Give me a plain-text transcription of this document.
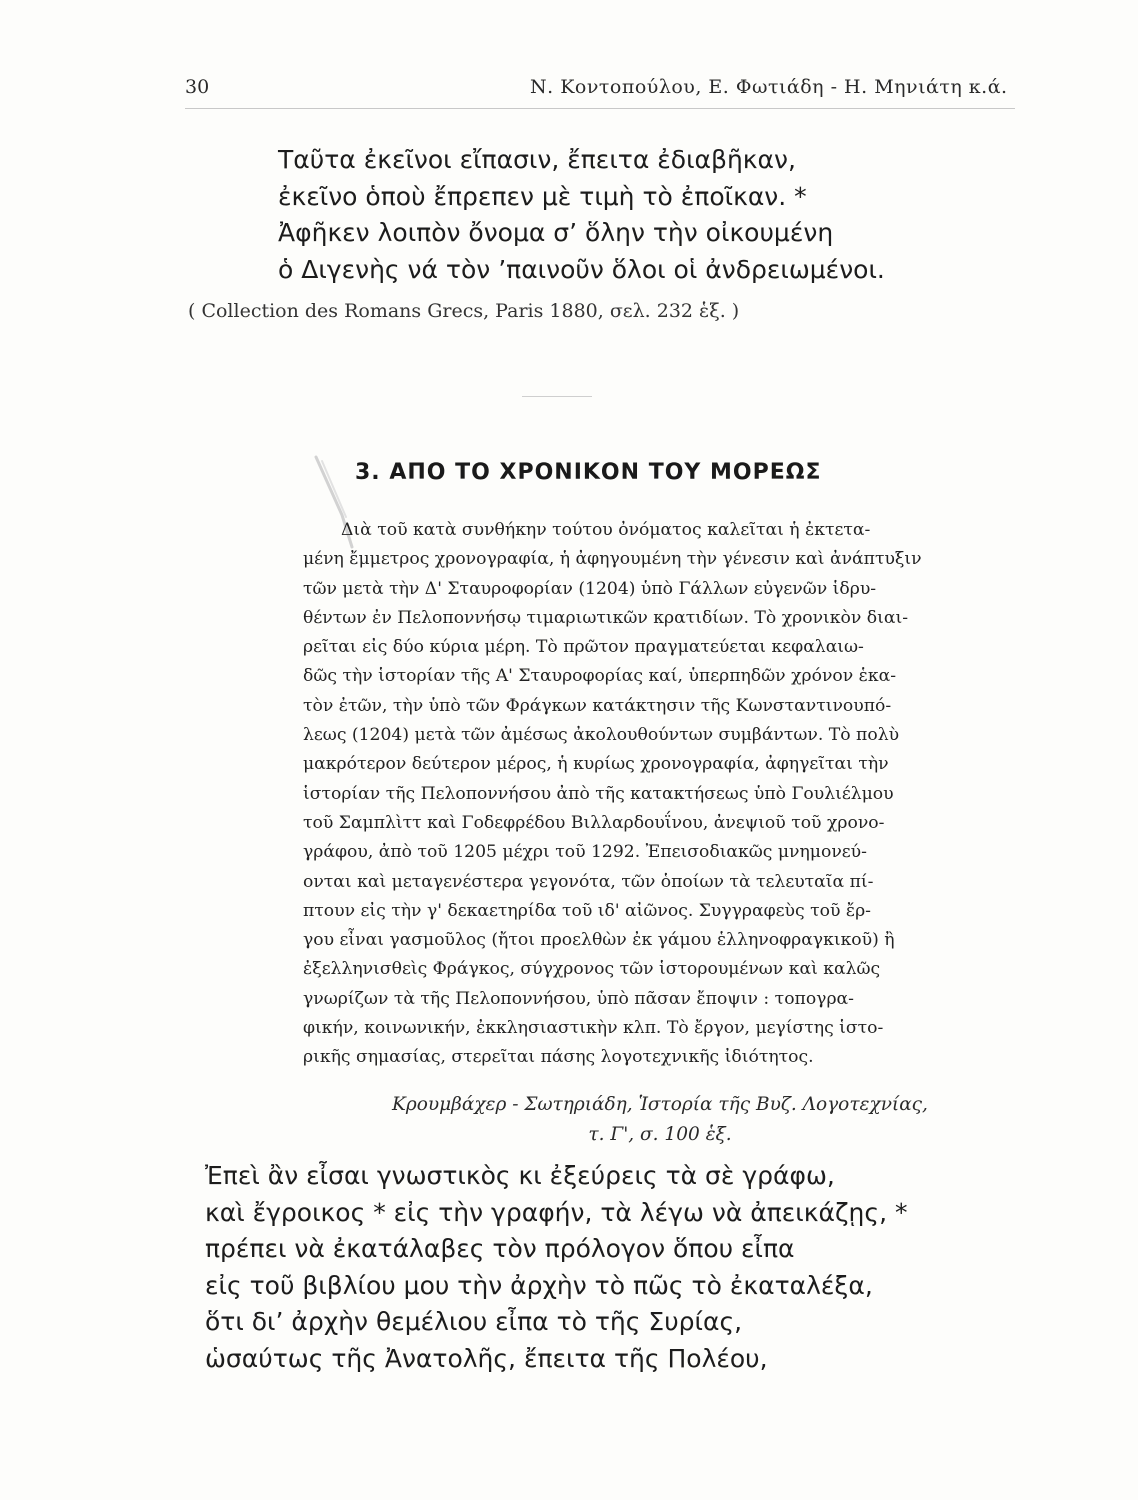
30	Ν. Κοντοπούλου, Ε. Φωτιάδη - Η. Μηνιάτη κ.ά.
Ταῦτα ἐκεῖνοι εἴπασιν, ἔπειτα ἐδιαβῆκαν,
ἐκεῖνο ὁποὺ ἔπρεπεν μὲ τιμὴ τὸ ἐποῖκαν. *
Ἀφῆκεν λοιπὸν ὄνομα σ’ ὅλην τὴν οἰκουμένη
ὁ Διγενὴς νά τὸν ’παινοῦν ὅλοι οἱ ἀνδρειωμένοι.
( Collection des Romans Grecs, Paris 1880, σελ. 232 ἑξ. )
3. ΑΠΟ ΤΟ ΧΡΟΝΙΚΟΝ ΤΟΥ ΜΟΡΕΩΣ
Διὰ τοῦ κατὰ συνθήκην τούτου ὀνόματος καλεῖται ἡ ἐκτετα-
μένη ἔμμετρος χρονογραφία, ἡ ἀφηγουμένη τὴν γένεσιν καὶ ἀνάπτυξιν
τῶν μετὰ τὴν Δ' Σταυροφορίαν (1204) ὑπὸ Γάλλων εὐγενῶν ἱδρυ-
θέντων ἐν Πελοποννήσῳ τιμαριωτικῶν κρατιδίων. Τὸ χρονικὸν διαι-
ρεῖται εἰς δύο κύρια μέρη. Τὸ πρῶτον πραγματεύεται κεφαλαιω-
δῶς τὴν ἱστορίαν τῆς Α' Σταυροφορίας καί, ὑπερπηδῶν χρόνον ἑκα-
τὸν ἐτῶν, τὴν ὑπὸ τῶν Φράγκων κατάκτησιν τῆς Κωνσταντινουπό-
λεως (1204) μετὰ τῶν ἀμέσως ἀκολουθούντων συμβάντων. Τὸ πολὺ
μακρότερον δεύτερον μέρος, ἡ κυρίως χρονογραφία, ἀφηγεῖται τὴν
ἱστορίαν τῆς Πελοποννήσου ἀπὸ τῆς κατακτήσεως ὑπὸ Γουλιέλμου
τοῦ Σαμπλὶττ καὶ Γοδεφρέδου Βιλλαρδουΐνου, ἀνεψιοῦ τοῦ χρονο-
γράφου, ἀπὸ τοῦ 1205 μέχρι τοῦ 1292. Ἐπεισοδιακῶς μνημονεύ-
ονται καὶ μεταγενέστερα γεγονότα, τῶν ὁποίων τὰ τελευταῖα πί-
πτουν εἰς τὴν γ' δεκαετηρίδα τοῦ ιδ' αἰῶνος. Συγγραφεὺς τοῦ ἔρ-
γου εἶναι γασμοῦλος (ἤτοι προελθὼν ἐκ γάμου ἑλληνοφραγκικοῦ) ἢ
ἐξελληνισθεὶς Φράγκος, σύγχρονος τῶν ἱστορουμένων καὶ καλῶς
γνωρίζων τὰ τῆς Πελοποννήσου, ὑπὸ πᾶσαν ἔποψιν : τοπογρα-
φικήν, κοινωνικήν, ἐκκλησιαστικὴν κλπ. Τὸ ἔργον, μεγίστης ἱστο-
ρικῆς σημασίας, στερεῖται πάσης λογοτεχνικῆς ἰδιότητος.
Κρουμβάχερ - Σωτηριάδη, Ἱστορία τῆς Βυζ. Λογοτεχνίας,
τ. Γ', σ. 100 ἑξ.
Ἐπεὶ ἂν εἶσαι γνωστικὸς κι ἐξεύρεις τὰ σὲ γράφω,
καὶ ἔγροικος * εἰς τὴν γραφήν, τὰ λέγω νὰ ἀπεικάζῃς, *
πρέπει νὰ ἐκατάλαβες τὸν πρόλογον ὅπου εἶπα
εἰς τοῦ βιβλίου μου τὴν ἀρχὴν τὸ πῶς τὸ ἐκαταλέξα,
ὅτι δι’ ἀρχὴν θεμέλιου εἶπα τὸ τῆς Συρίας,
ὡσαύτως τῆς Ἀνατολῆς, ἔπειτα τῆς Πολέου,
